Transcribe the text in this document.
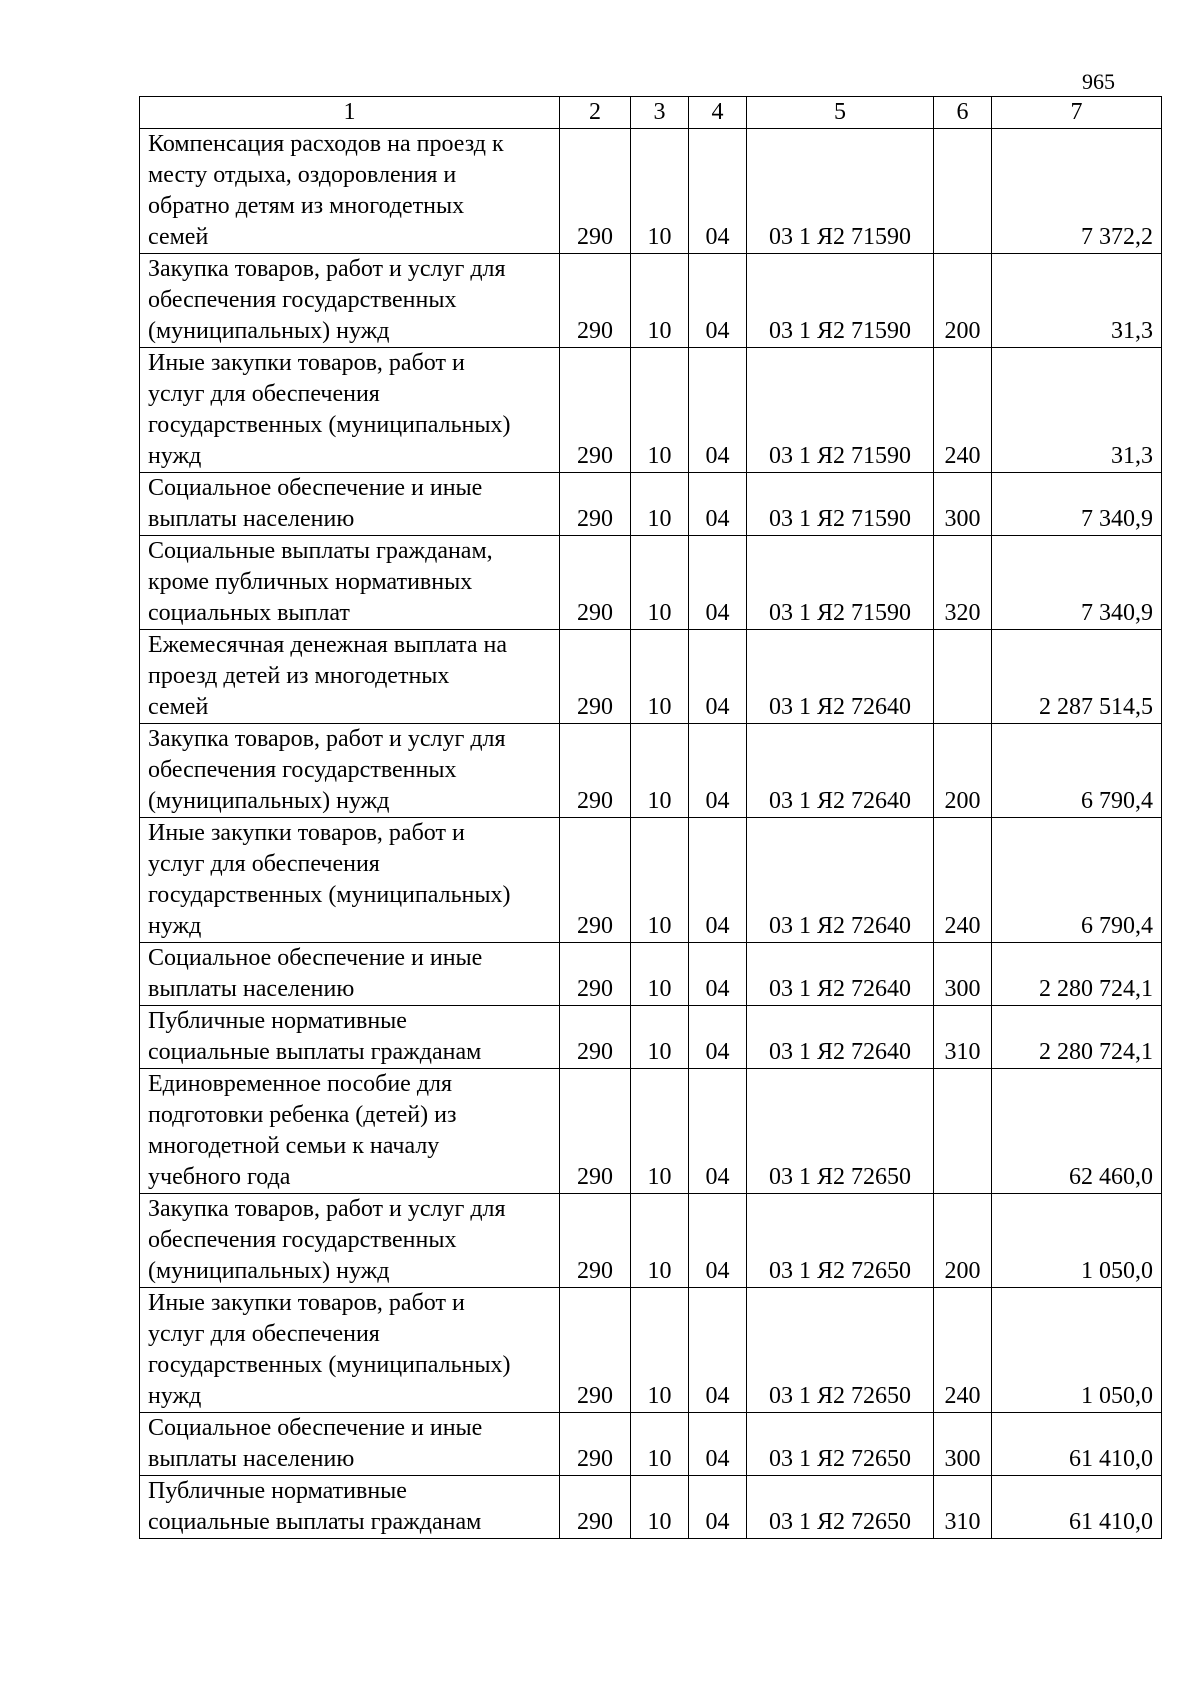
965
1	2	3	4	5	6	7
Компенсация расходов на проезд к
месту отдыха, оздоровления и
обратно детям из многодетных
семей	290	10	04	03 1 Я2 71590		7 372,2
Закупка товаров, работ и услуг для
обеспечения государственных
(муниципальных) нужд	290	10	04	03 1 Я2 71590	200	31,3
Иные закупки товаров, работ и
услуг для обеспечения
государственных (муниципальных)
нужд	290	10	04	03 1 Я2 71590	240	31,3
Социальное обеспечение и иные
выплаты населению	290	10	04	03 1 Я2 71590	300	7 340,9
Социальные выплаты гражданам,
кроме публичных нормативных
социальных выплат	290	10	04	03 1 Я2 71590	320	7 340,9
Ежемесячная денежная выплата на
проезд детей из многодетных
семей	290	10	04	03 1 Я2 72640		2 287 514,5
Закупка товаров, работ и услуг для
обеспечения государственных
(муниципальных) нужд	290	10	04	03 1 Я2 72640	200	6 790,4
Иные закупки товаров, работ и
услуг для обеспечения
государственных (муниципальных)
нужд	290	10	04	03 1 Я2 72640	240	6 790,4
Социальное обеспечение и иные
выплаты населению	290	10	04	03 1 Я2 72640	300	2 280 724,1
Публичные нормативные
социальные выплаты гражданам	290	10	04	03 1 Я2 72640	310	2 280 724,1
Единовременное пособие для
подготовки ребенка (детей) из
многодетной семьи к началу
учебного года	290	10	04	03 1 Я2 72650		62 460,0
Закупка товаров, работ и услуг для
обеспечения государственных
(муниципальных) нужд	290	10	04	03 1 Я2 72650	200	1 050,0
Иные закупки товаров, работ и
услуг для обеспечения
государственных (муниципальных)
нужд	290	10	04	03 1 Я2 72650	240	1 050,0
Социальное обеспечение и иные
выплаты населению	290	10	04	03 1 Я2 72650	300	61 410,0
Публичные нормативные
социальные выплаты гражданам	290	10	04	03 1 Я2 72650	310	61 410,0
